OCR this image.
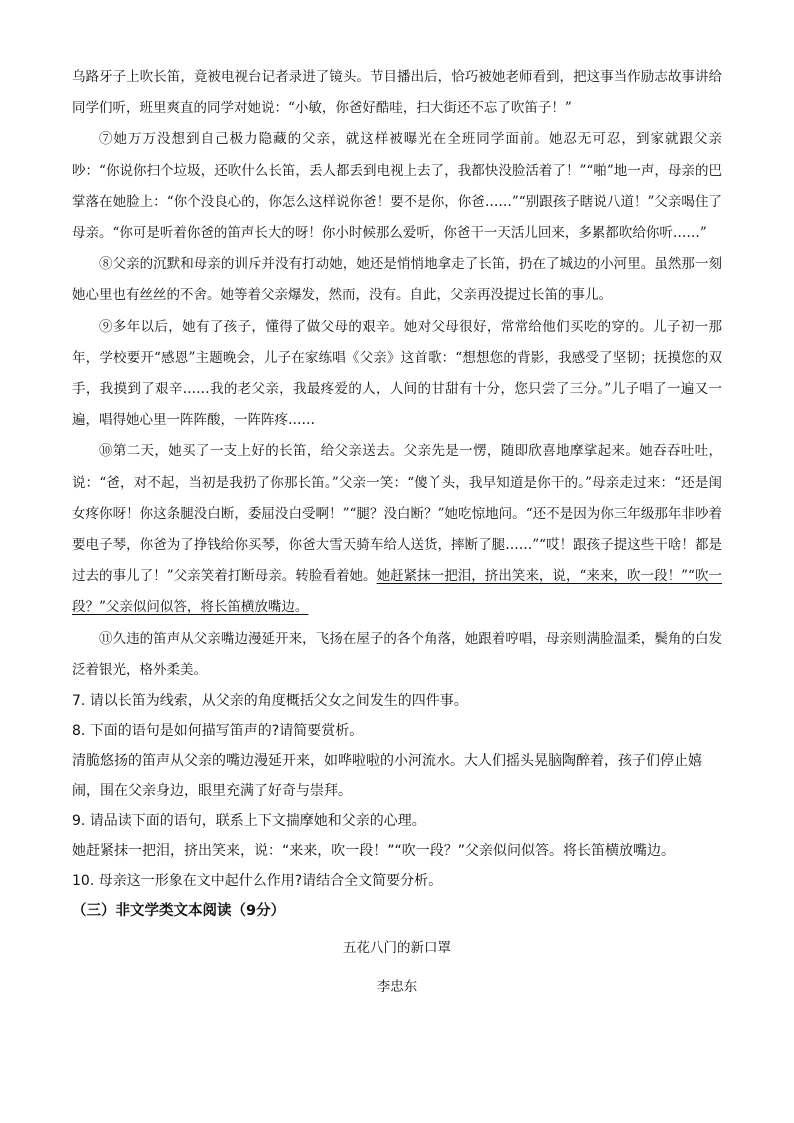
乌路牙子上吹长笛，竟被电视台记者录进了镜头。节目播出后，恰巧被她老师看到，把这事当作励志故事讲给同学们听，班里爽直的同学对她说：“小敏，你爸好酷哇，扫大街还不忘了吹笛子！”

⑦她万万没想到自己极力隐藏的父亲，就这样被曝光在全班同学面前。她忍无可忍，到家就跟父亲吵：“你说你扫个垃圾，还吹什么长笛，丢人都丢到电视上去了，我都快没脸活着了！”“啪”地一声，母亲的巴掌落在她脸上：“你个没良心的，你怎么这样说你爸！要不是你，你爸……”“别跟孩子瞎说八道！”父亲喝住了母亲。“你可是听着你爸的笛声长大的呀！你小时候那么爱听，你爸干一天活儿回来，多累都吹给你听……”

⑧父亲的沉默和母亲的训斥并没有打动她，她还是悄悄地拿走了长笛，扔在了城边的小河里。虽然那一刻她心里也有丝丝的不舍。她等着父亲爆发，然而，没有。自此，父亲再没提过长笛的事儿。

⑨多年以后，她有了孩子，懂得了做父母的艰辛。她对父母很好，常常给他们买吃的穿的。儿子初一那年，学校要开“感恩”主题晚会，儿子在家练唱《父亲》这首歌：“想想您的背影，我感受了坚韧；抚摸您的双手，我摸到了艰辛……我的老父亲，我最疼爱的人，人间的甘甜有十分，您只尝了三分。”儿子唱了一遍又一遍，唱得她心里一阵阵酸，一阵阵疼……

⑩第二天，她买了一支上好的长笛，给父亲送去。父亲先是一愣，随即欣喜地摩挲起来。她吞吞吐吐，说：“爸，对不起，当初是我扔了你那长笛。”父亲一笑：“傻丫头，我早知道是你干的。”母亲走过来：“还是闺女疼你呀！你这条腿没白断，委屈没白受啊！”“腿？没白断？”她吃惊地问。“还不是因为你三年级那年非吵着要电子琴，你爸为了挣钱给你买琴，你爸大雪天骑车给人送货，摔断了腿……”“哎！跟孩子提这些干啥！都是过去的事儿了！”父亲笑着打断母亲。转脸看着她。她赶紧抹一把泪，挤出笑来，说，“来来，吹一段！”“吹一段？”父亲似问似答，将长笛横放嘴边。

⑪久违的笛声从父亲嘴边漫延开来，飞扬在屋子的各个角落，她跟着哼唱，母亲则满脸温柔，鬓角的白发泛着银光，格外柔美。

7. 请以长笛为线索，从父亲的角度概括父女之间发生的四件事。

8. 下面的语句是如何描写笛声的?请简要赏析。

清脆悠扬的笛声从父亲的嘴边漫延开来，如哗啦啦的小河流水。大人们摇头晃脑陶醉着，孩子们停止嬉闹，围在父亲身边，眼里充满了好奇与崇拜。

9. 请品读下面的语句，联系上下文揣摩她和父亲的心理。

她赶紧抹一把泪，挤出笑来，说：“来来，吹一段！”“吹一段？”父亲似问似答。将长笛横放嘴边。

10. 母亲这一形象在文中起什么作用?请结合全文简要分析。

（三）非文学类文本阅读（9分）

五花八门的新口罩

李忠东
